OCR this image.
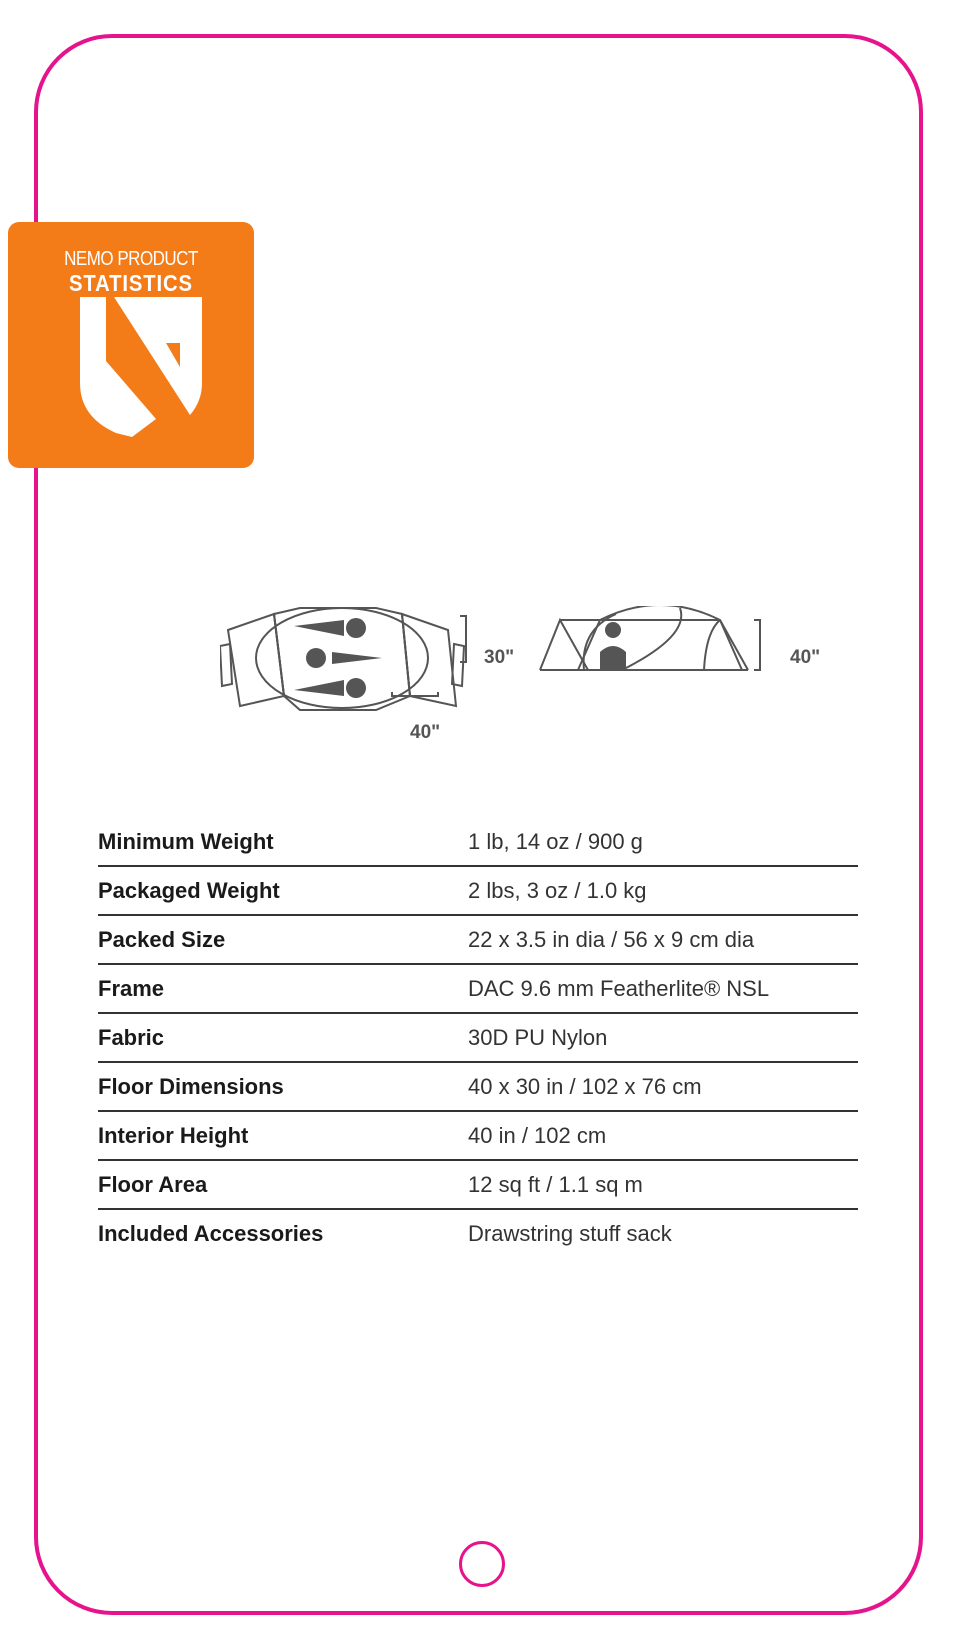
NEMO PRODUCT
STATISTICS
30"
40"
40"
Minimum Weight	1 lb, 14 oz / 900 g
Packaged Weight	2 lbs, 3 oz / 1.0 kg
Packed Size	22 x 3.5 in dia / 56 x 9 cm dia
Frame	DAC 9.6 mm Featherlite® NSL
Fabric	30D PU Nylon
Floor Dimensions	40 x 30 in / 102 x 76 cm
Interior Height	40 in / 102 cm
Floor Area	12 sq ft / 1.1 sq m
Included Accessories	Drawstring stuff sack
